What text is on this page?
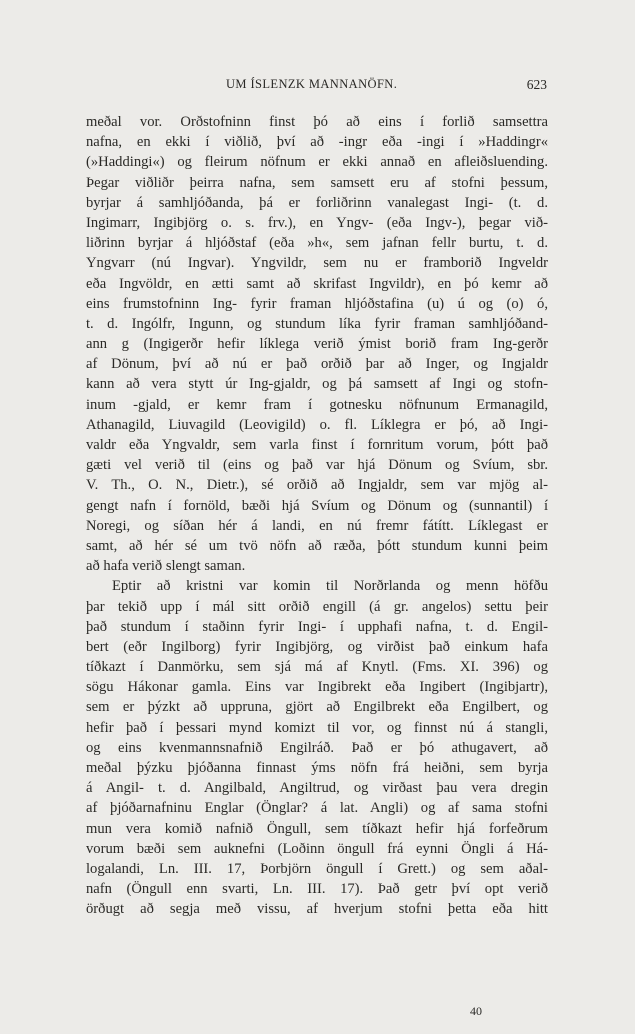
UM ÍSLENZK MANNANÖFN.	623
meðal vor. Orðstofninn finst þó að eins í forlið samsettra
nafna, en ekki í viðlið, því að -ingr eða -ingi í »Haddingr«
(»Haddingi«) og fleirum nöfnum er ekki annað en afleiðsluending.
Þegar viðliðr þeirra nafna, sem samsett eru af stofni þessum,
byrjar á samhljóðanda, þá er forliðrinn vanalegast Ingi- (t. d.
Ingimarr, Ingibjörg o. s. frv.), en Yngv- (eða Ingv-), þegar við-
liðrinn byrjar á hljóðstaf (eða »h«, sem jafnan fellr burtu, t. d.
Yngvarr (nú Ingvar). Yngvildr, sem nu er framborið Ingveldr
eða Ingvöldr, en ætti samt að skrifast Ingvildr), en þó kemr að
eins frumstofninn Ing- fyrir framan hljóðstafina (u) ú og (o) ó,
t. d. Ingólfr, Ingunn, og stundum líka fyrir framan samhljóðand-
ann g (Ingigerðr hefir líklega verið ýmist borið fram Ing-gerðr
af Dönum, því að nú er það orðið þar að Inger, og Ingjaldr
kann að vera stytt úr Ing-gjaldr, og þá samsett af Ingi og stofn-
inum -gjald, er kemr fram í gotnesku nöfnunum Ermanagild,
Athanagild, Liuvagild (Leovigild) o. fl. Líklegra er þó, að Ingi-
valdr eða Yngvaldr, sem varla finst í fornritum vorum, þótt það
gæti vel verið til (eins og það var hjá Dönum og Svíum, sbr.
V. Th., O. N., Dietr.), sé orðið að Ingjaldr, sem var mjög al-
gengt nafn í fornöld, bæði hjá Svíum og Dönum og (sunnantil) í
Noregi, og síðan hér á landi, en nú fremr fátítt. Líklegast er
samt, að hér sé um tvö nöfn að ræða, þótt stundum kunni þeim
að hafa verið slengt saman.
Eptir að kristni var komin til Norðrlanda og menn höfðu
þar tekið upp í mál sitt orðið engill (á gr. angelos) settu þeir
það stundum í staðinn fyrir Ingi- í upphafi nafna, t. d. Engil-
bert (eðr Ingilborg) fyrir Ingibjörg, og virðist það einkum hafa
tíðkazt í Danmörku, sem sjá má af Knytl. (Fms. XI. 396) og
sögu Hákonar gamla. Eins var Ingibrekt eða Ingibert (Ingibjartr),
sem er þýzkt að uppruna, gjört að Engilbrekt eða Engilbert, og
hefir það í þessari mynd komizt til vor, og finnst nú á stangli,
og eins kvenmannsnafnið Engilráð. Það er þó athugavert, að
meðal þýzku þjóðanna finnast ýms nöfn frá heiðni, sem byrja
á Angil- t. d. Angilbald, Angiltrud, og virðast þau vera dregin
af þjóðarnafninu Englar (Önglar? á lat. Angli) og af sama stofni
mun vera komið nafnið Öngull, sem tíðkazt hefir hjá forfeðrum
vorum bæði sem auknefni (Loðinn öngull frá eynni Öngli á Há-
logalandi, Ln. III. 17, Þorbjörn öngull í Grett.) og sem aðal-
nafn (Öngull enn svarti, Ln. III. 17). Það getr því opt verið
örðugt að segja með vissu, af hverjum stofni þetta eða hitt
40
